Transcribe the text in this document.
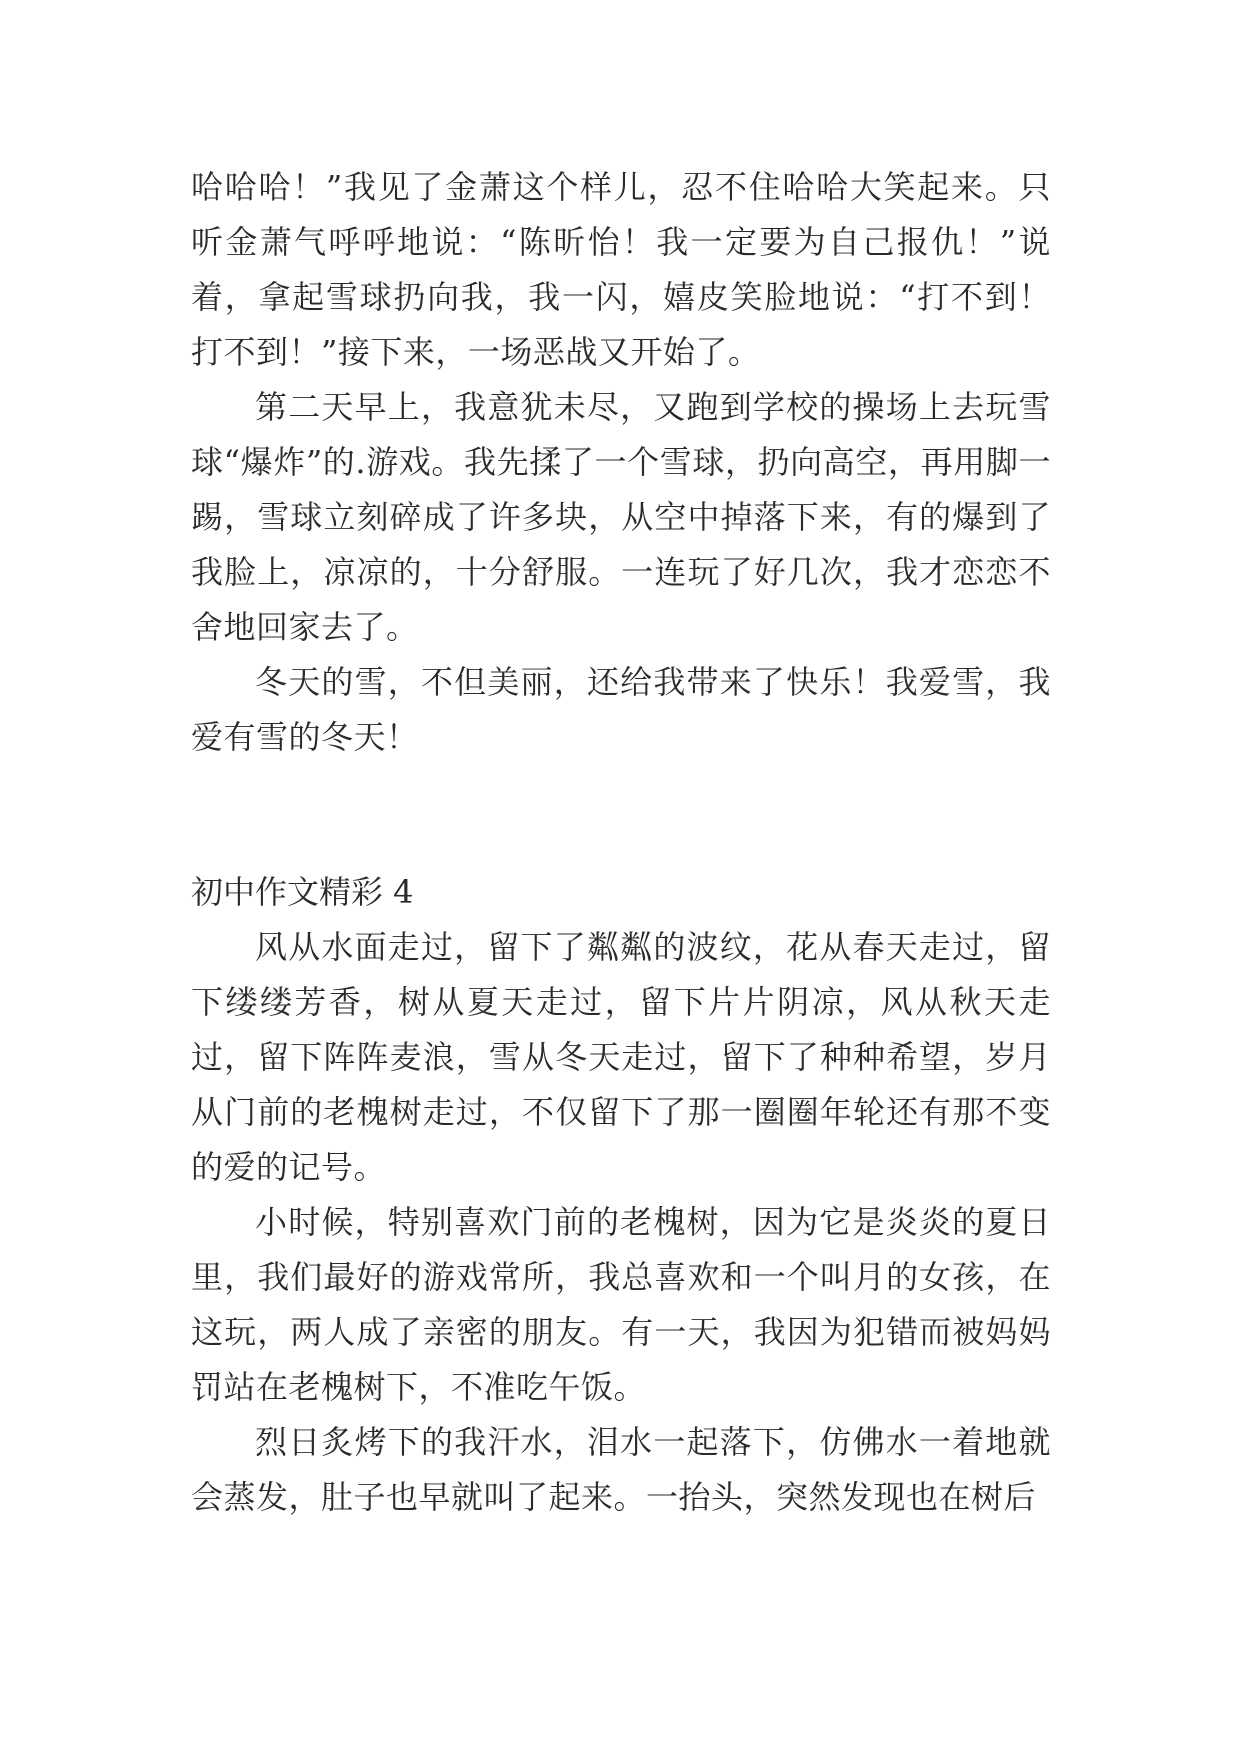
哈哈哈！”我见了金萧这个样儿，忍不住哈哈大笑起来。只听金萧气呼呼地说：“陈昕怡！我一定要为自己报仇！”说着，拿起雪球扔向我，我一闪，嬉皮笑脸地说：“打不到！打不到！”接下来，一场恶战又开始了。

第二天早上，我意犹未尽，又跑到学校的操场上去玩雪球“爆炸”的.游戏。我先揉了一个雪球，扔向高空，再用脚一踢，雪球立刻碎成了许多块，从空中掉落下来，有的爆到了我脸上，凉凉的，十分舒服。一连玩了好几次，我才恋恋不舍地回家去了。

冬天的雪，不但美丽，还给我带来了快乐！我爱雪，我爱有雪的冬天！

初中作文精彩 4

风从水面走过，留下了粼粼的波纹，花从春天走过，留下缕缕芳香，树从夏天走过，留下片片阴凉，风从秋天走过，留下阵阵麦浪，雪从冬天走过，留下了种种希望，岁月从门前的老槐树走过，不仅留下了那一圈圈年轮还有那不变的爱的记号。

小时候，特别喜欢门前的老槐树，因为它是炎炎的夏日里，我们最好的游戏常所，我总喜欢和一个叫月的女孩，在这玩，两人成了亲密的朋友。有一天，我因为犯错而被妈妈罚站在老槐树下，不准吃午饭。

烈日炙烤下的我汗水，泪水一起落下，仿佛水一着地就会蒸发，肚子也早就叫了起来。一抬头，突然发现也在树后
